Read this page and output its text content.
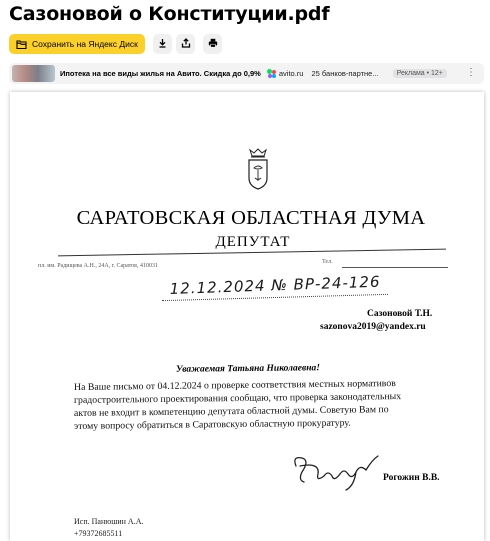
Сазоновой о Конституции.pdf
Сохранить на Яндекс Диск
Ипотека на все виды жилья на Авито. Скидка до 0,9% avito.ru 25 банков-партне...	Реклама • 12+	⋮
САРАТОВСКАЯ ОБЛАСТНАЯ ДУМА
ДЕПУТАТ
пл. им. Радищева А.Н., 24А, г. Саратов, 410031
Тел.
12.12.2024 № ВР-24-126
Сазоновой Т.Н.
sazonova2019@yandex.ru
Уважаемая Татьяна Николаевна!
На Ваше письмо от 04.12.2024 о проверке соответствия местных нормативов
градостроительного проектирования сообщаю, что проверка законодательных
актов не входит в компетенцию депутата областной думы. Советую Вам по
этому вопросу обратиться в Саратовскую областную прокуратуру.
Рогожин В.В.
Исп. Панюшин А.А.
+79372685511
